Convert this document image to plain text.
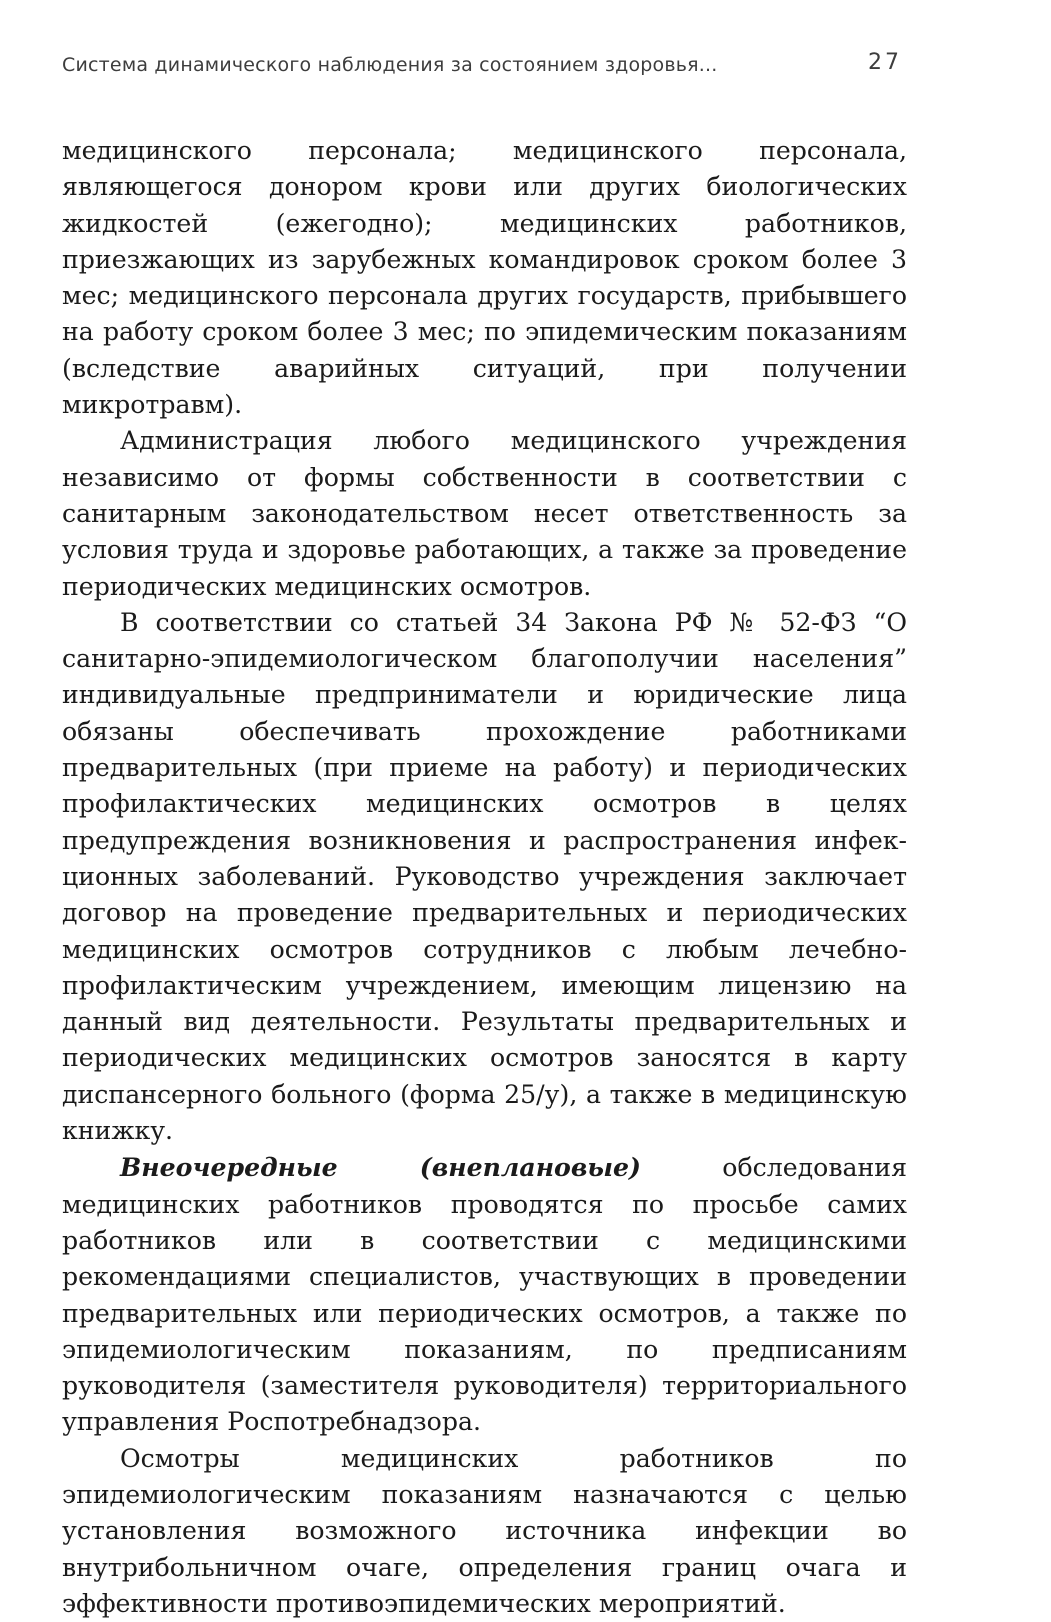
Система динамического наблюдения за состоянием здоровья...	27

медицинского персонала; медицинского персонала, являющегося донором крови или других биологических жидкостей (ежегодно); медицинских работников, приезжающих из зарубежных командировок сроком более 3 мес; медицинского персонала других государств, прибывшего на работу сроком более 3 мес; по эпидемическим показаниям (вследствие аварийных ситуаций, при получении микротравм).

Администрация любого медицинского учреждения независимо от формы собственности в соответствии с санитарным законодательством несет ответственность за условия труда и здоровье работающих, а также за проведение периодических медицинских осмотров.

В соответствии со статьей 34 Закона РФ № 52-ФЗ “О санитарно-эпидемиологическом благополучии населения” индивидуальные предприниматели и юридические лица обязаны обеспечивать прохождение работниками предварительных (при приеме на работу) и периодических профилактических медицинских осмотров в целях предупреждения возникновения и распространения инфекционных заболеваний. Руководство учреждения заключает договор на проведение предварительных и периодических медицинских осмотров сотрудников с любым лечебно-профилактическим учреждением, имеющим лицензию на данный вид деятельности. Результаты предварительных и периодических медицинских осмотров заносятся в карту диспансерного больного (форма 25/у), а также в медицинскую книжку.

Внеочередные (внеплановые) обследования медицинских работников проводятся по просьбе самих работников или в соответствии с медицинскими рекомендациями специалистов, участвующих в проведении предварительных или периодических осмотров, а также по эпидемиологическим показаниям, по предписаниям руководителя (заместителя руководителя) территориального управления Роспотребнадзора.

Осмотры медицинских работников по эпидемиологическим показаниям назначаются с целью установления возможного источника инфекции во внутрибольничном очаге, определения границ очага и эффективности противоэпидемических мероприятий.
